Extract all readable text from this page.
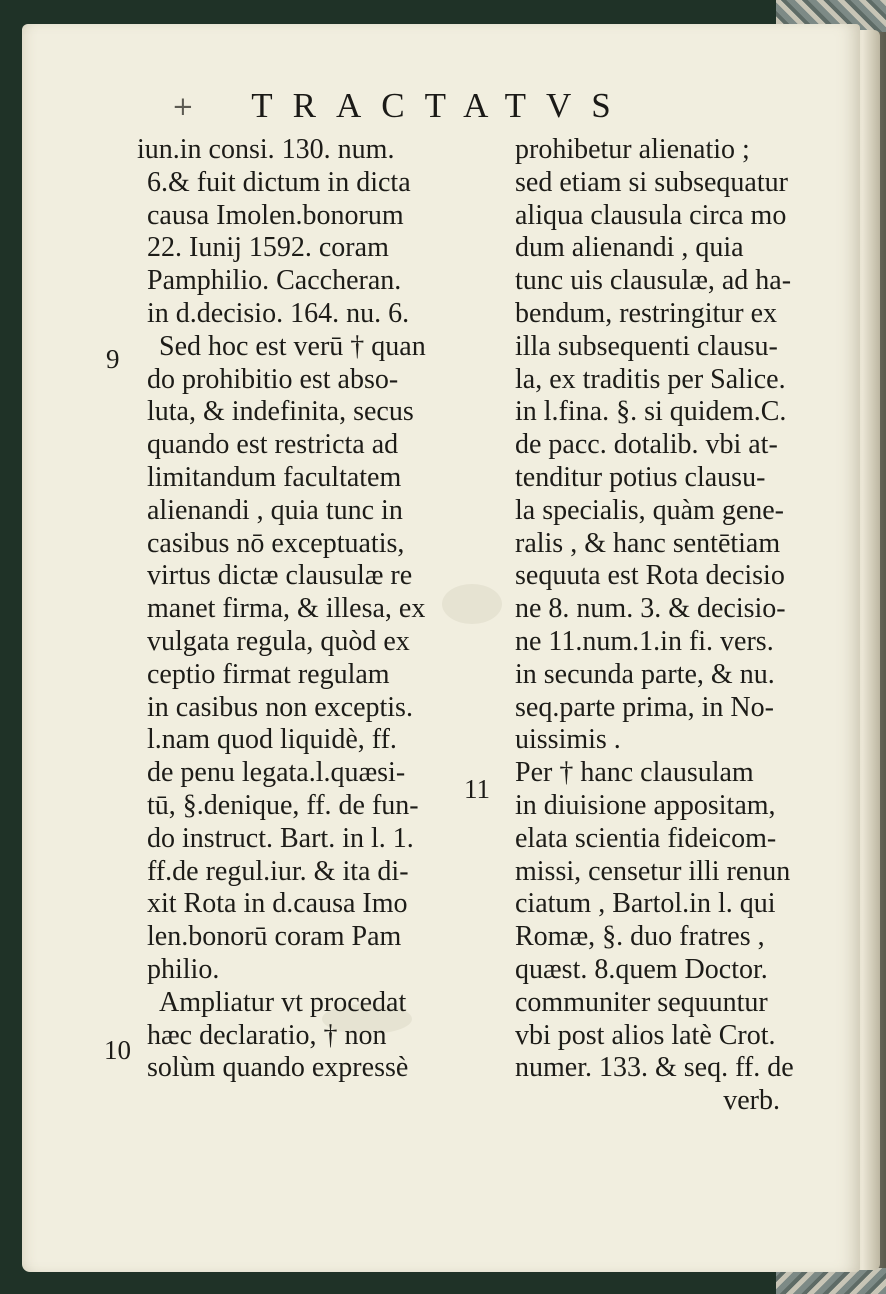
+	TRACTATVS
iun.in consi. 130. num.
6.& fuit dictum in dicta
causa Imolen.bonorum
22. Iunij 1592. coram
Pamphilio. Caccheran.
in d.decisio. 164. nu. 6.
Sed hoc est verū † quan
do prohibitio est abso-
luta, & indefinita, secus
quando est restricta ad
limitandum facultatem
alienandi , quia tunc in
casibus nō exceptuatis,
virtus dictæ clausulæ re
manet firma, & illesa, ex
vulgata regula, quòd ex
ceptio firmat regulam
in casibus non exceptis.
l.nam quod liquidè, ff.
de penu legata.l.quæsi-
tū, §.denique, ff. de fun-
do instruct. Bart. in l. 1.
ff.de regul.iur. & ita di-
xit Rota in d.causa Imo
len.bonorū coram Pam
philio.
Ampliatur vt procedat
hæc declaratio, † non
solùm quando expressè
9
10
11
prohibetur alienatio ;
sed etiam si subsequatur
aliqua clausula circa mo
dum alienandi , quia
tunc uis clausulæ, ad ha-
bendum, restringitur ex
illa subsequenti clausu-
la, ex traditis per Salice.
in l.fina. §. si quidem.C.
de pacc. dotalib. vbi at-
tenditur potius clausu-
la specialis, quàm gene-
ralis , & hanc sentētiam
sequuta est Rota decisio
ne 8. num. 3. & decisio-
ne 11.num.1.in fi. vers.
in secunda parte, & nu.
seq.parte prima, in No-
uissimis .
Per † hanc clausulam
in diuisione appositam,
elata scientia fideicom-
missi, censetur illi renun
ciatum , Bartol.in l. qui
Romæ, §. duo fratres ,
quæst. 8.quem Doctor.
communiter sequuntur
vbi post alios latè Crot.
numer. 133. & seq. ff. de
verb.
